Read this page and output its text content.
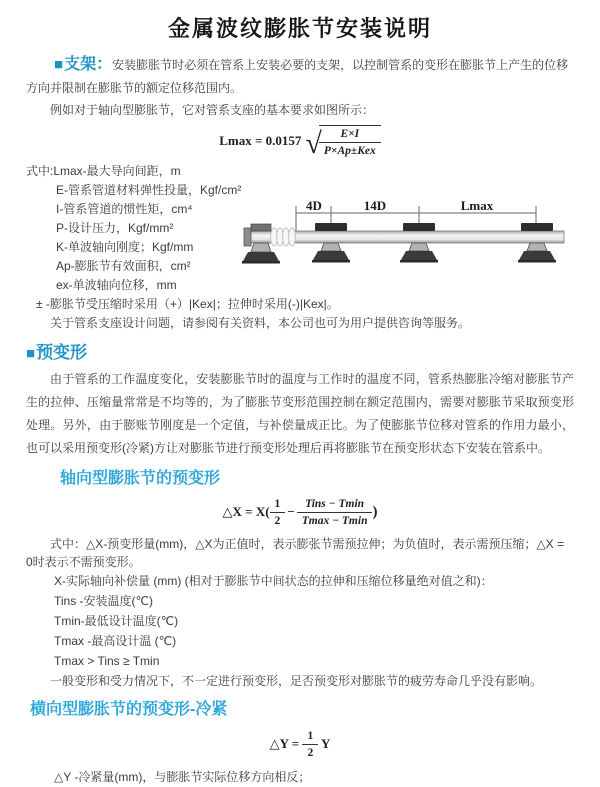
金属波纹膨胀节安装说明

■支架：安装膨胀节时必须在管系上安装必要的支架，以控制管系的变形在膨胀节上产生的位移方向并限制在膨胀节的额定位移范围内。

例如对于轴向型膨胀节，它对管系支座的基本要求如图所示：

Lmax = 0.0157 √
$\frac{E\times I}{\text{P×Ap±Kex}}$
式中:Lmax-最大导向间距，m
E-管系管道材料弹性投量，Kgf/cm²
I-管系管道的惯性矩，cm⁴
P-设计压力，Kgf/mm²
K-单波轴向刚度；Kgf/mm
Ap-膨胀节有效面积，cm²
ex-单波轴向位移，mm
± -膨胀节受压缩时采用（+）|Kex|；拉伸时采用(-)|Kex|。
关于管系支座设计问题，请参阅有关资料，本公司也可为用户提供咨询等服务。
4D	14D	Lmax
■预变形

由于管系的工作温度变化，安装膨胀节时的温度与工作时的温度不同，管系热膨胀冷缩对膨胀节产生的拉伸、压缩量常常是不均等的，为了膨胀节变形范围控制在额定范围内，需要对膨胀节采取预变形处理。另外，由于膨账节刚度是一个定值，与补偿量成正比。为了使膨胀节位移对管系的作用力最小，也可以采用预变形(冷紧)方让对膨胀节进行预变形处理后再将膨胀节在预变形状态下安装在管系中。

轴向型膨胀节的预变形
△X = $X( \frac{1}{2} - \frac{\text{Tins − Tmin}}{Tmax - Tmin}$ )

式中：△X-预变形量(mm)，△X为正值时，表示膨张节需预拉伸；为负值时，表示需预压缩；△X = 0时表示不需预变形。

X-实际轴向补偿量 (mm) (相对于膨胀节中间状态的拉伸和压缩位移量绝对值之和)：
Tins -安装温度(℃)
Tmin-最低设计温度(℃)
Tmax -最高设计温 (℃)
Tmax > Tins ≥ Tmin
一般变形和受力情况下，不一定进行预变形，足否预变形对膨胀节的疲劳寿命几乎没有影响。
横向型膨胀节的预变形-冷紧
△Y = $\frac{1}{2}$ Y
△Y -冷紧量(mm)，与膨胀节实际位移方向相反；
